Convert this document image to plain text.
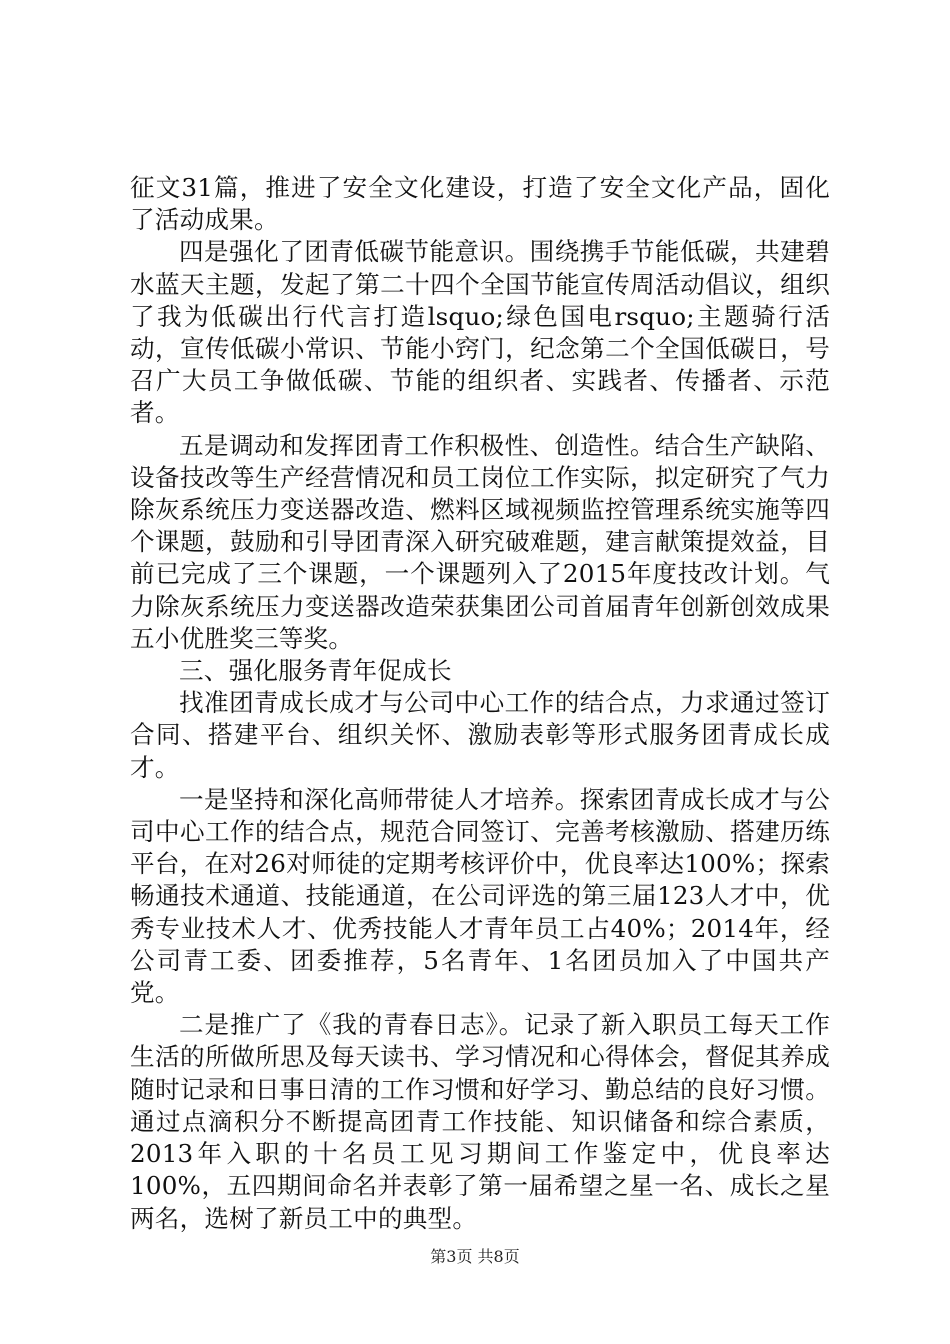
征文31篇，推进了安全文化建设，打造了安全文化产品，固化了活动成果。

四是强化了团青低碳节能意识。围绕携手节能低碳，共建碧水蓝天主题，发起了第二十四个全国节能宣传周活动倡议，组织了我为低碳出行代言打造lsquo;绿色国电rsquo;主题骑行活动，宣传低碳小常识、节能小窍门，纪念第二个全国低碳日，号召广大员工争做低碳、节能的组织者、实践者、传播者、示范者。

五是调动和发挥团青工作积极性、创造性。结合生产缺陷、设备技改等生产经营情况和员工岗位工作实际，拟定研究了气力除灰系统压力变送器改造、燃料区域视频监控管理系统实施等四个课题，鼓励和引导团青深入研究破难题，建言献策提效益，目前已完成了三个课题，一个课题列入了2015年度技改计划。气力除灰系统压力变送器改造荣获集团公司首届青年创新创效成果五小优胜奖三等奖。

三、强化服务青年促成长

找准团青成长成才与公司中心工作的结合点，力求通过签订合同、搭建平台、组织关怀、激励表彰等形式服务团青成长成才。

一是坚持和深化高师带徒人才培养。探索团青成长成才与公司中心工作的结合点，规范合同签订、完善考核激励、搭建历练平台，在对26对师徒的定期考核评价中，优良率达100%；探索畅通技术通道、技能通道，在公司评选的第三届123人才中，优秀专业技术人才、优秀技能人才青年员工占40%；2014年，经公司青工委、团委推荐，5名青年、1名团员加入了中国共产党。

二是推广了《我的青春日志》。记录了新入职员工每天工作生活的所做所思及每天读书、学习情况和心得体会，督促其养成随时记录和日事日清的工作习惯和好学习、勤总结的良好习惯。通过点滴积分不断提高团青工作技能、知识储备和综合素质，2013年入职的十名员工见习期间工作鉴定中，优良率达100%，五四期间命名并表彰了第一届希望之星一名、成长之星两名，选树了新员工中的典型。

第3页 共8页
